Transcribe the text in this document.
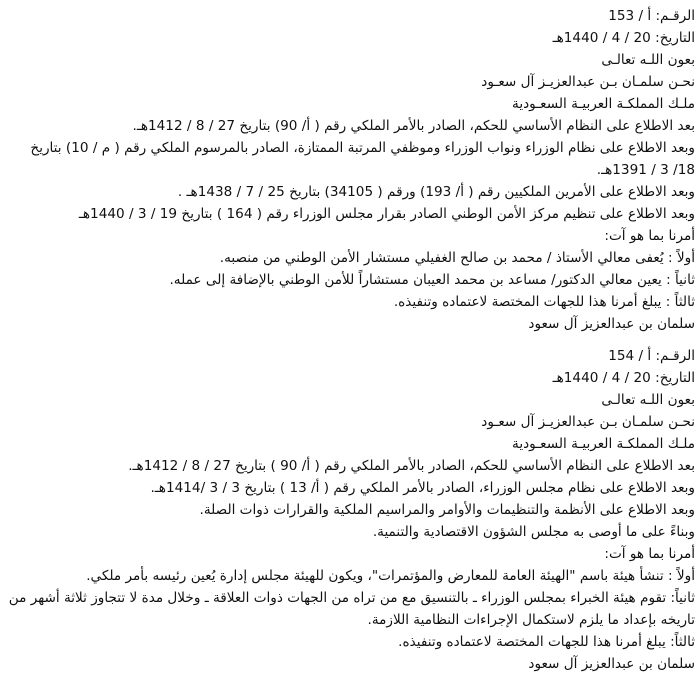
الرقـم: أ / 153
التاريخ: 20 / 4 / 1440هـ
بعون اللـه تعالـى
نحـن سلمـان بـن عبدالعزيـز آل سعـود
ملـك المملكـة العربيـة السعـودية
بعد الاطلاع على النظام الأساسي للحكم، الصادر بالأمر الملكي رقم ( أ/ 90) بتاريخ 27 / 8 / 1412هـ.
وبعد الاطلاع على نظام الوزراء ونواب الوزراء وموظفي المرتبة الممتازة، الصادر بالمرسوم الملكي رقم ( م / 10) بتاريخ 18/ 3 / 1391هـ.
وبعد الاطلاع على الأمرين الملكيين رقم ( أ/ 193) ورقم ( 34105) بتاريخ 25 / 7 / 1438هـ .
وبعد الاطلاع على تنظيم مركز الأمن الوطني الصادر بقرار مجلس الوزراء رقم ( 164 ) بتاريخ 19 / 3 / 1440هـ
أمرنا بما هو آت:
أولاً : يُعفى معالي الأستاذ / محمد بن صالح الغفيلي مستشار الأمن الوطني من منصبه.
ثانياً : يعين معالي الدكتور/ مساعد بن محمد العيبان مستشاراً للأمن الوطني بالإضافة إلى عمله.
ثالثاً : يبلغ أمرنا هذا للجهات المختصة لاعتماده وتنفيذه.
سلمان بن عبدالعزيز آل سعود
الرقـم: أ / 154
التاريخ: 20 / 4 / 1440هـ
بعون اللـه تعالـى
نحـن سلمـان بـن عبدالعزيـز آل سعـود
ملـك المملكـة العربيـة السعـودية
بعد الاطلاع على النظام الأساسي للحكم، الصادر بالأمر الملكي رقم ( أ/ 90 ) بتاريخ 27 / 8 / 1412هـ.
وبعد الاطلاع على نظام مجلس الوزراء، الصادر بالأمر الملكي رقم ( أ/ 13 ) بتاريخ 3 / 3 /1414هـ.
وبعد الاطلاع على الأنظمة والتنظيمات والأوامر والمراسيم الملكية والقرارات ذوات الصلة.
وبناءً على ما أوصى به مجلس الشؤون الاقتصادية والتنمية.
أمرنا بما هو آت:
أولاً : تنشأ هيئة باسم "الهيئة العامة للمعارض والمؤتمرات"، ويكون للهيئة مجلس إدارة يُعين رئيسه بأمر ملكي.
ثانياً: تقوم هيئة الخبراء بمجلس الوزراء ـ بالتنسيق مع من تراه من الجهات ذوات العلاقة ـ وخلال مدة لا تتجاوز ثلاثة أشهر من تاريخه بإعداد ما يلزم لاستكمال الإجراءات النظامية اللازمة.
ثالثاً: يبلغ أمرنا هذا للجهات المختصة لاعتماده وتنفيذه.
سلمان بن عبدالعزيز آل سعود
